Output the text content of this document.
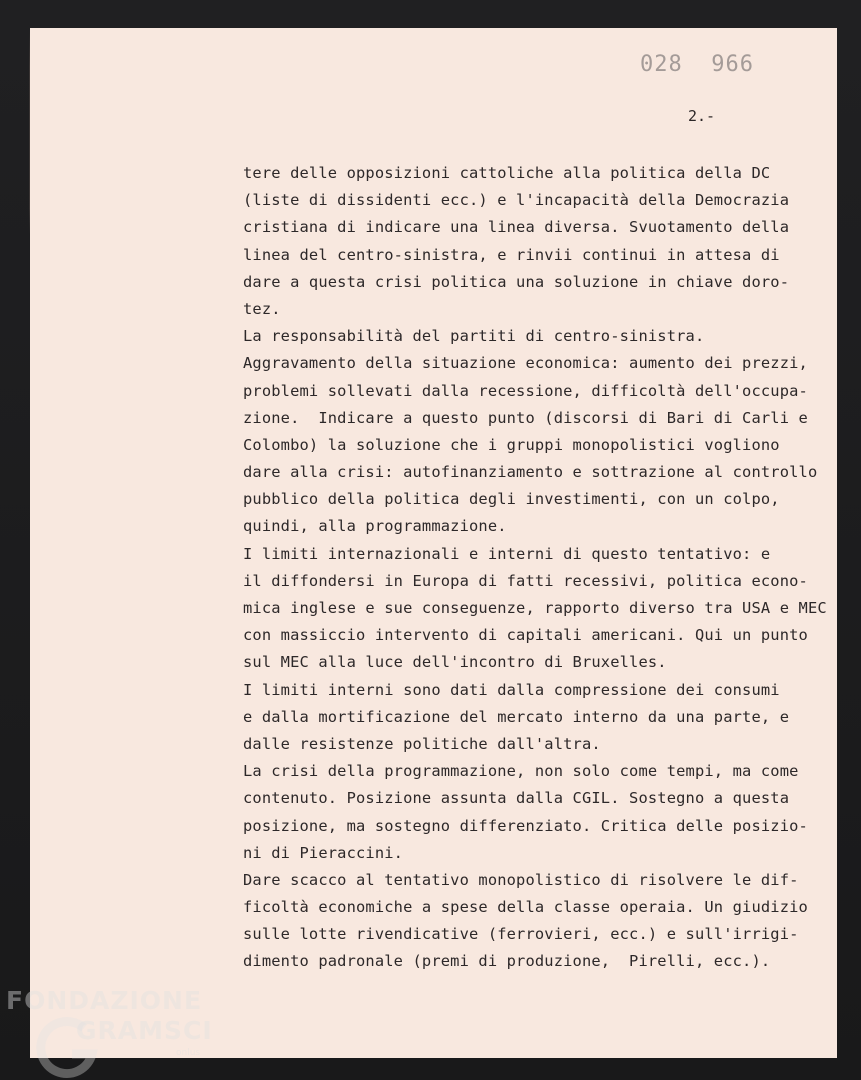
028  966
2.-
tere delle opposizioni cattoliche alla politica della DC
(liste di dissidenti ecc.) e l'incapacità della Democrazia
cristiana di indicare una linea diversa. Svuotamento della
linea del centro-sinistra, e rinvii continui in attesa di
dare a questa crisi politica una soluzione in chiave doro-
tez.
La responsabilità del partiti di centro-sinistra.
Aggravamento della situazione economica: aumento dei prezzi,
problemi sollevati dalla recessione, difficoltà dell'occupa-
zione.  Indicare a questo punto (discorsi di Bari di Carli e
Colombo) la soluzione che i gruppi monopolistici vogliono
dare alla crisi: autofinanziamento e sottrazione al controllo
pubblico della politica degli investimenti, con un colpo,
quindi, alla programmazione.
I limiti internazionali e interni di questo tentativo: e
il diffondersi in Europa di fatti recessivi, politica econo-
mica inglese e sue conseguenze, rapporto diverso tra USA e MEC
con massiccio intervento di capitali americani. Qui un punto
sul MEC alla luce dell'incontro di Bruxelles.
I limiti interni sono dati dalla compressione dei consumi
e dalla mortificazione del mercato interno da una parte, e
dalle resistenze politiche dall'altra.
La crisi della programmazione, non solo come tempi, ma come
contenuto. Posizione assunta dalla CGIL. Sostegno a questa
posizione, ma sostegno differenziato. Critica delle posizio-
ni di Pieraccini.
Dare scacco al tentativo monopolistico di risolvere le dif-
ficoltà economiche a spese della classe operaia. Un giudizio
sulle lotte rivendicative (ferrovieri, ecc.) e sull'irrigi-
dimento padronale (premi di produzione,  Pirelli, ecc.).
FONDAZIONE
GRAMSCI
onlus
